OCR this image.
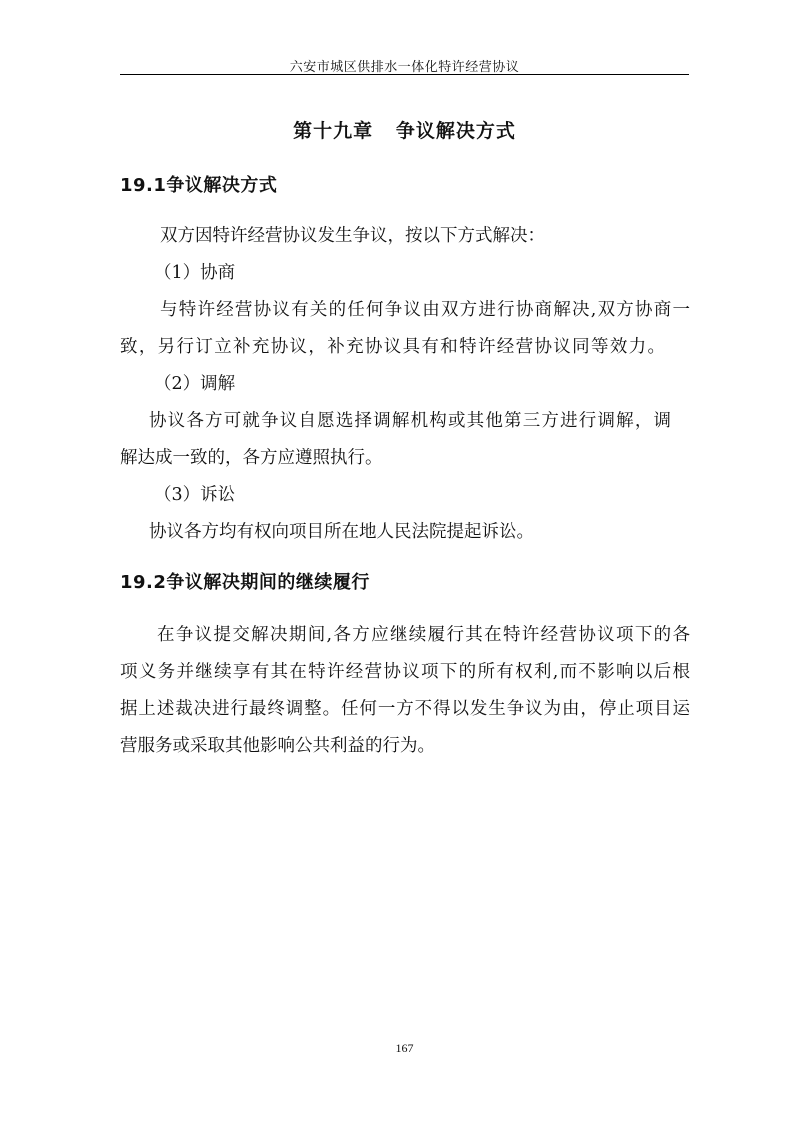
六安市城区供排水一体化特许经营协议
第十九章   争议解决方式
19.1争议解决方式
双方因特许经营协议发生争议，按以下方式解决：
（1）协商
与特许经营协议有关的任何争议由双方进行协商解决,双方协商一
致，另行订立补充协议，补充协议具有和特许经营协议同等效力。
（2）调解
协议各方可就争议自愿选择调解机构或其他第三方进行调解，调
解达成一致的，各方应遵照执行。
（3）诉讼
协议各方均有权向项目所在地人民法院提起诉讼。
19.2争议解决期间的继续履行
在争议提交解决期间,各方应继续履行其在特许经营协议项下的各
项义务并继续享有其在特许经营协议项下的所有权利,而不影响以后根
据上述裁决进行最终调整。任何一方不得以发生争议为由，停止项目运
营服务或采取其他影响公共利益的行为。
167
